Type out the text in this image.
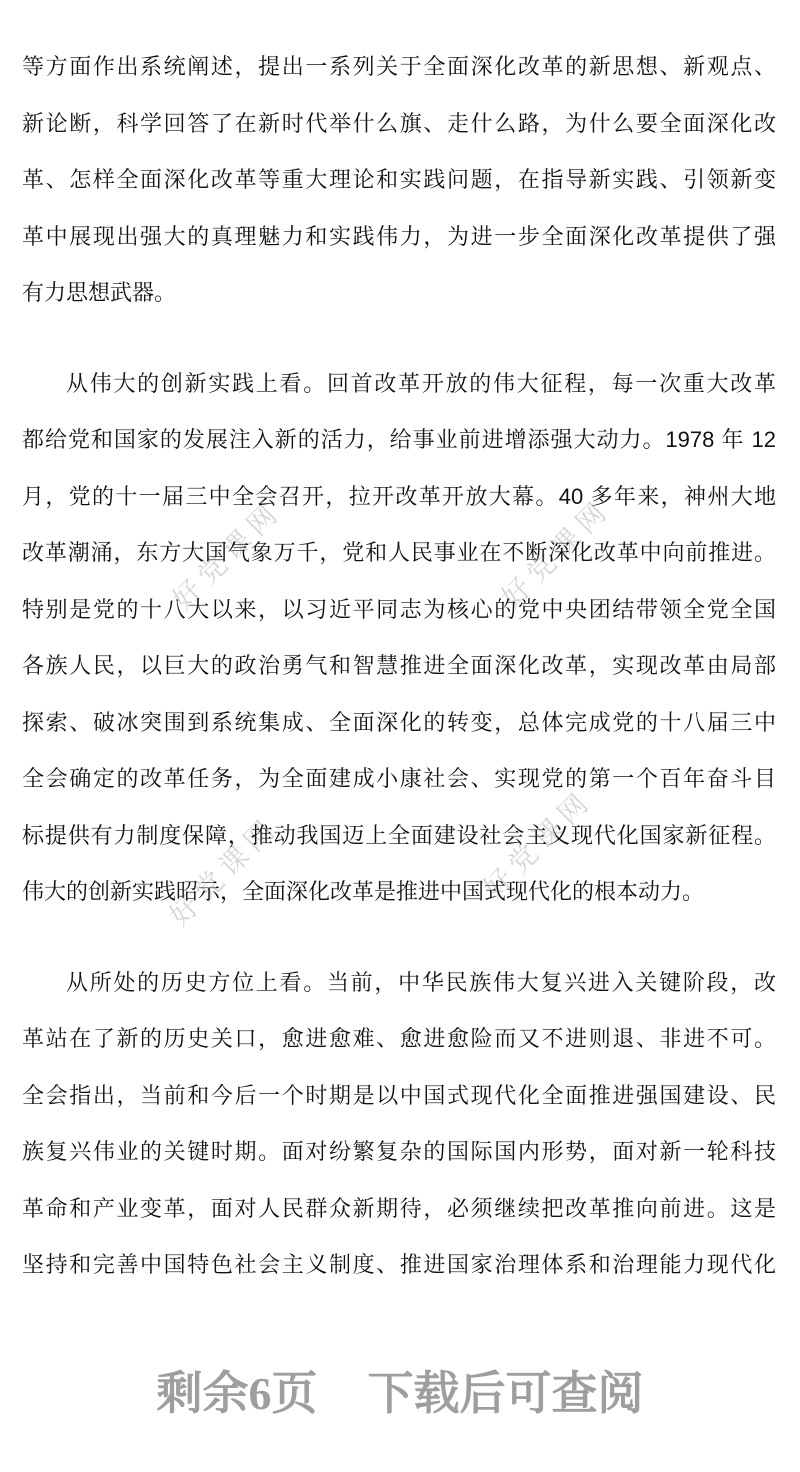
好党课网	好党课网
好党课网	好党课网
等方面作出系统阐述，提出一系列关于全面深化改革的新思想、新观点、
新论断，科学回答了在新时代举什么旗、走什么路，为什么要全面深化改
革、怎样全面深化改革等重大理论和实践问题，在指导新实践、引领新变
革中展现出强大的真理魅力和实践伟力，为进一步全面深化改革提供了强
有力思想武器。
从伟大的创新实践上看。回首改革开放的伟大征程，每一次重大改革
都给党和国家的发展注入新的活力，给事业前进增添强大动力。1978 年 12
月，党的十一届三中全会召开，拉开改革开放大幕。40 多年来，神州大地
改革潮涌，东方大国气象万千，党和人民事业在不断深化改革中向前推进。
特别是党的十八大以来，以习近平同志为核心的党中央团结带领全党全国
各族人民，以巨大的政治勇气和智慧推进全面深化改革，实现改革由局部
探索、破冰突围到系统集成、全面深化的转变，总体完成党的十八届三中
全会确定的改革任务，为全面建成小康社会、实现党的第一个百年奋斗目
标提供有力制度保障，推动我国迈上全面建设社会主义现代化国家新征程。
伟大的创新实践昭示，全面深化改革是推进中国式现代化的根本动力。
从所处的历史方位上看。当前，中华民族伟大复兴进入关键阶段，改
革站在了新的历史关口，愈进愈难、愈进愈险而又不进则退、非进不可。
全会指出，当前和今后一个时期是以中国式现代化全面推进强国建设、民
族复兴伟业的关键时期。面对纷繁复杂的国际国内形势，面对新一轮科技
革命和产业变革，面对人民群众新期待，必须继续把改革推向前进。这是
坚持和完善中国特色社会主义制度、推进国家治理体系和治理能力现代化
剩余6页 下载后可查阅
